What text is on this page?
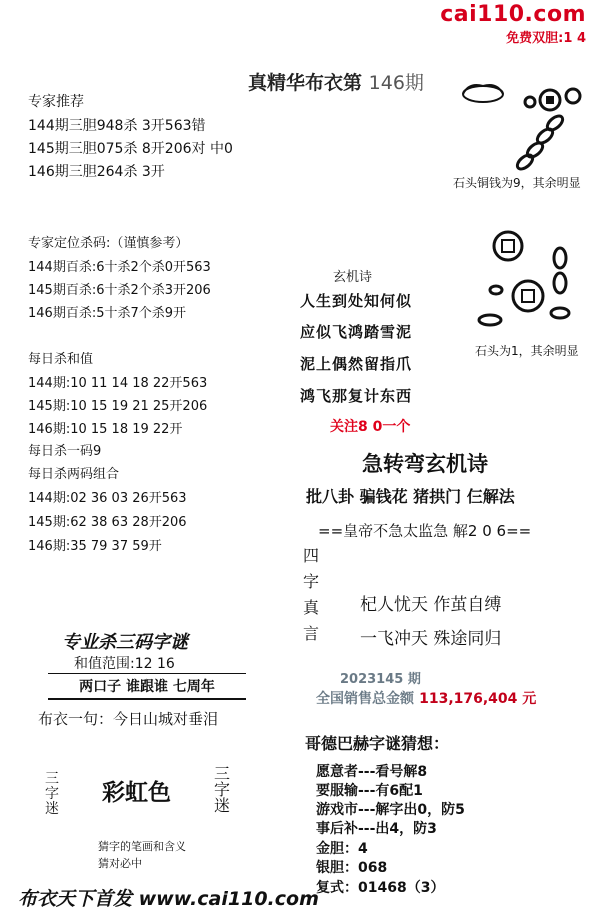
cai110.com
免费双胆:1 4
真精华布衣第 146期
专家推荐
144期三胆948杀 3开563错
145期三胆075杀 8开206对 中0
146期三胆264杀 3开
专家定位杀码:（谨慎参考）
144期百杀:6十杀2个杀0开563
145期百杀:6十杀2个杀3开206
146期百杀:5十杀7个杀9开
每日杀和值
144期:10 11 14 18 22开563
145期:10 15 19 21 25开206
146期:10 15 18 19 22开
每日杀一码9
每日杀两码组合
144期:02 36 03 26开563
145期:62 38 63 28开206
146期:35 79 37 59开
石头铜钱为9，其余明显
石头为1，其余明显
玄机诗
人生到处知何似
应似飞鸿踏雪泥
泥上偶然留指爪
鸿飞那复计东西
关注8 0一个
急转弯玄机诗
批八卦 骗钱花 猪拱门 仨解法
==皇帝不急太监急 解2 0 6==
四
字
真
言
杞人忧天 作茧自缚
一飞冲天 殊途同归
2023145 期
全国销售总金额 113,176,404 元
专业杀三码字谜
和值范围:12 16
两口子 谁跟谁 七周年
布衣一句：今日山城对垂泪
三
字
迷
彩虹色
三
字
迷
猜字的笔画和含义
猜对必中
哥德巴赫字谜猜想：
愿意者---看号解8
要服输---有6配1
游戏市---解字出0，防5
事后补---出4，防3
金胆：4
银胆：068
复式：01468（3）
布衣天下首发 www.cai110.com
